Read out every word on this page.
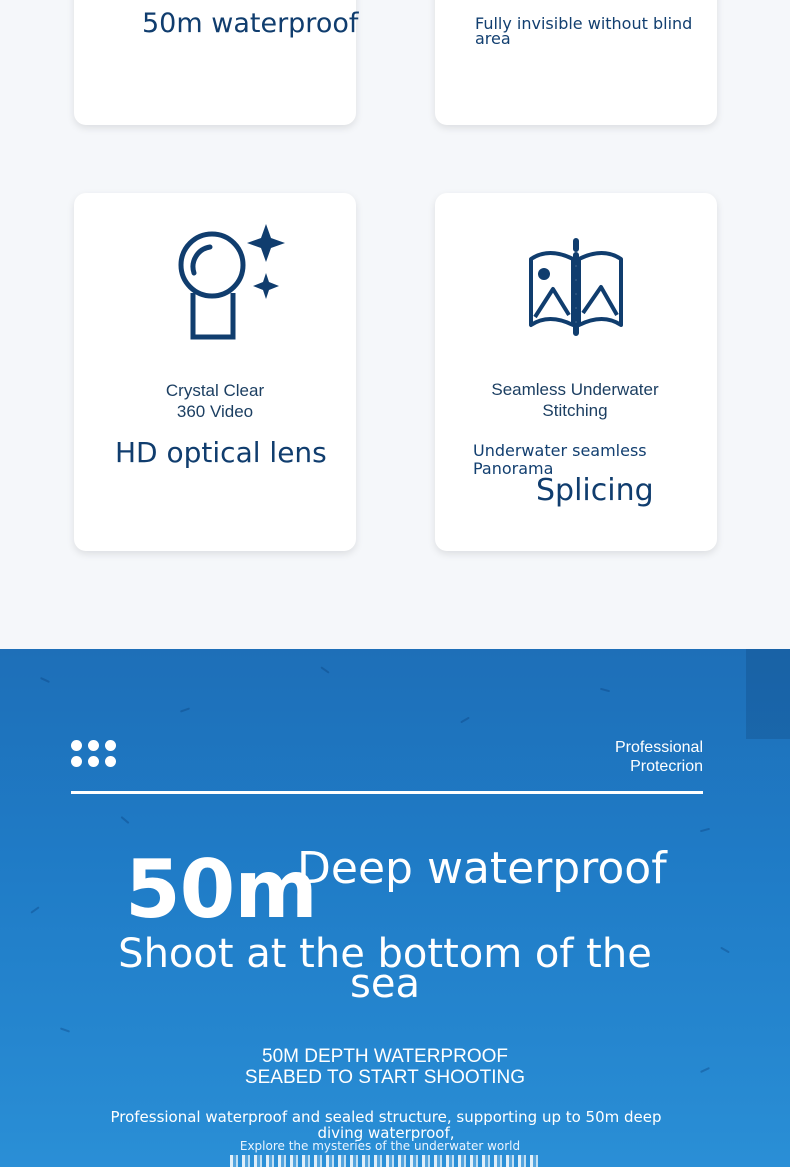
50m waterproof	Fully invisible without blind area
Crystal Clear
360 Video
HD optical lens
Seamless Underwater
Stitching
Underwater seamless Panorama
Splicing
Professional
Protecrion
50m
Deep waterproof
Shoot at the bottom of the sea
50M DEPTH WATERPROOF
SEABED TO START SHOOTING
Professional waterproof and sealed structure, supporting up to 50m deep diving waterproof,
Explore the mysteries of the underwater world
